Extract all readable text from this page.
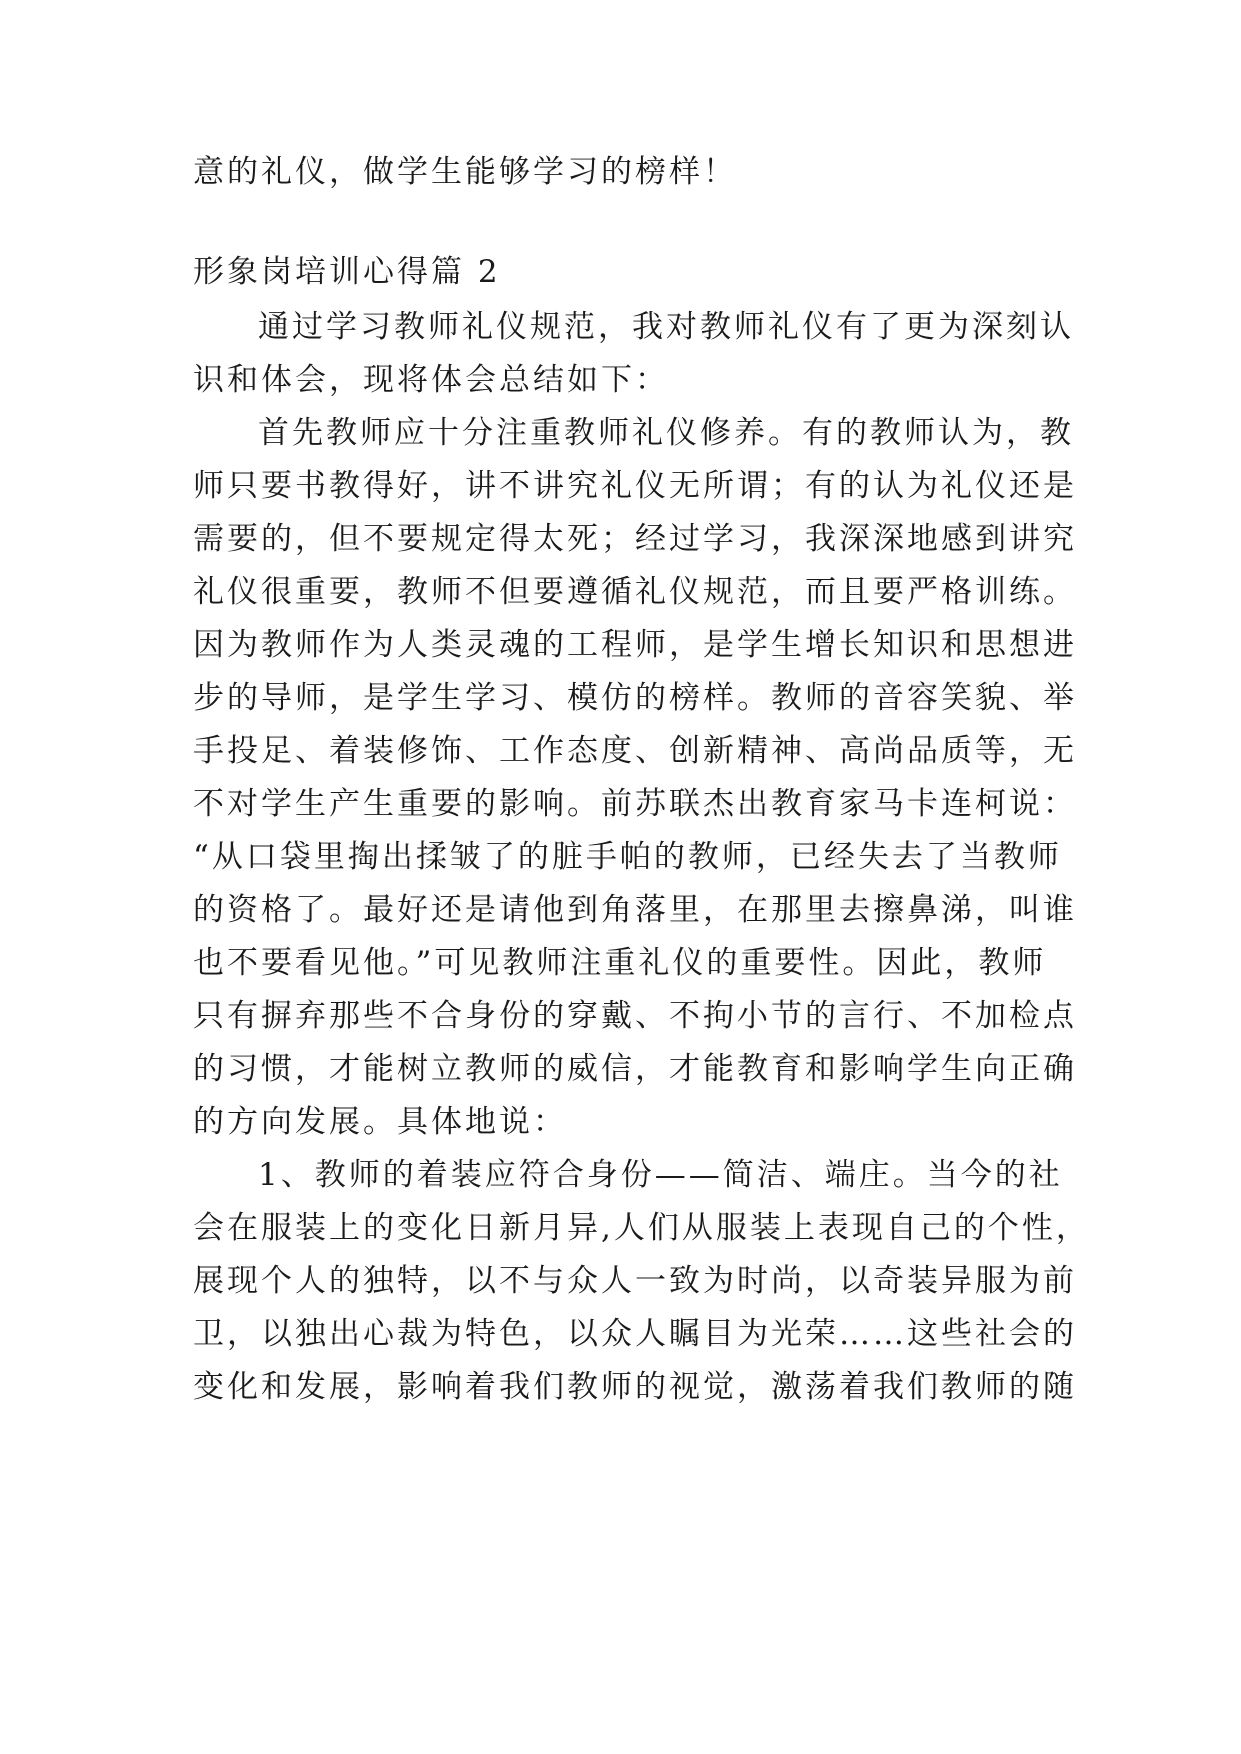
意的礼仪，做学生能够学习的榜样！
形象岗培训心得篇 2
通过学习教师礼仪规范，我对教师礼仪有了更为深刻认
识和体会，现将体会总结如下：
首先教师应十分注重教师礼仪修养。有的教师认为，教
师只要书教得好，讲不讲究礼仪无所谓；有的认为礼仪还是
需要的，但不要规定得太死；经过学习，我深深地感到讲究
礼仪很重要，教师不但要遵循礼仪规范，而且要严格训练。
因为教师作为人类灵魂的工程师，是学生增长知识和思想进
步的导师，是学生学习、模仿的榜样。教师的音容笑貌、举
手投足、着装修饰、工作态度、创新精神、高尚品质等，无
不对学生产生重要的影响。前苏联杰出教育家马卡连柯说：
“从口袋里掏出揉皱了的脏手帕的教师，已经失去了当教师
的资格了。最好还是请他到角落里，在那里去擦鼻涕，叫谁
也不要看见他。”可见教师注重礼仪的重要性。因此，教师
只有摒弃那些不合身份的穿戴、不拘小节的言行、不加检点
的习惯，才能树立教师的威信，才能教育和影响学生向正确
的方向发展。具体地说：
1、教师的着装应符合身份——简洁、端庄。当今的社
会在服装上的变化日新月异,人们从服装上表现自己的个性，
展现个人的独特，以不与众人一致为时尚，以奇装异服为前
卫，以独出心裁为特色，以众人瞩目为光荣……这些社会的
变化和发展，影响着我们教师的视觉，激荡着我们教师的随
